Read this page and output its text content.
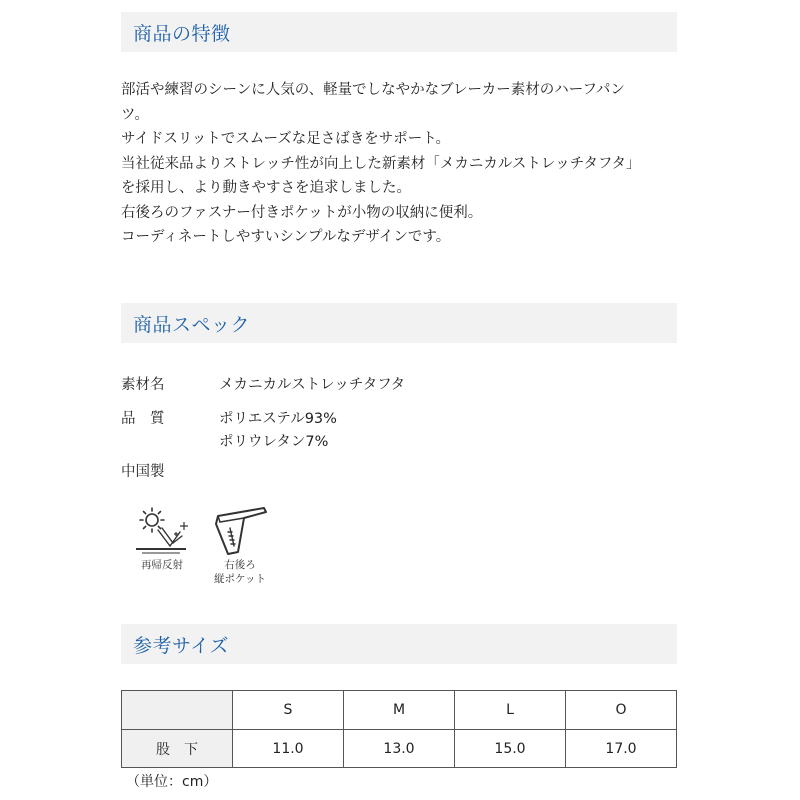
商品の特徴
部活や練習のシーンに人気の、軽量でしなやかなブレーカー素材のハーフパン
ツ。
サイドスリットでスムーズな足さばきをサポート。
当社従来品よりストレッチ性が向上した新素材「メカニカルストレッチタフタ」
を採用し、より動きやすさを追求しました。
右後ろのファスナー付きポケットが小物の収納に便利。
コーディネートしやすいシンプルなデザインです。
商品スペック
素材名	メカニカルストレッチタフタ
品　質	ポリエステル93%
ポリウレタン7%
中国製
再帰反射	右後ろ
縦ポケット
参考サイズ
	S	M	L	O
股　下	11.0	13.0	15.0	17.0
（単位：cm）
